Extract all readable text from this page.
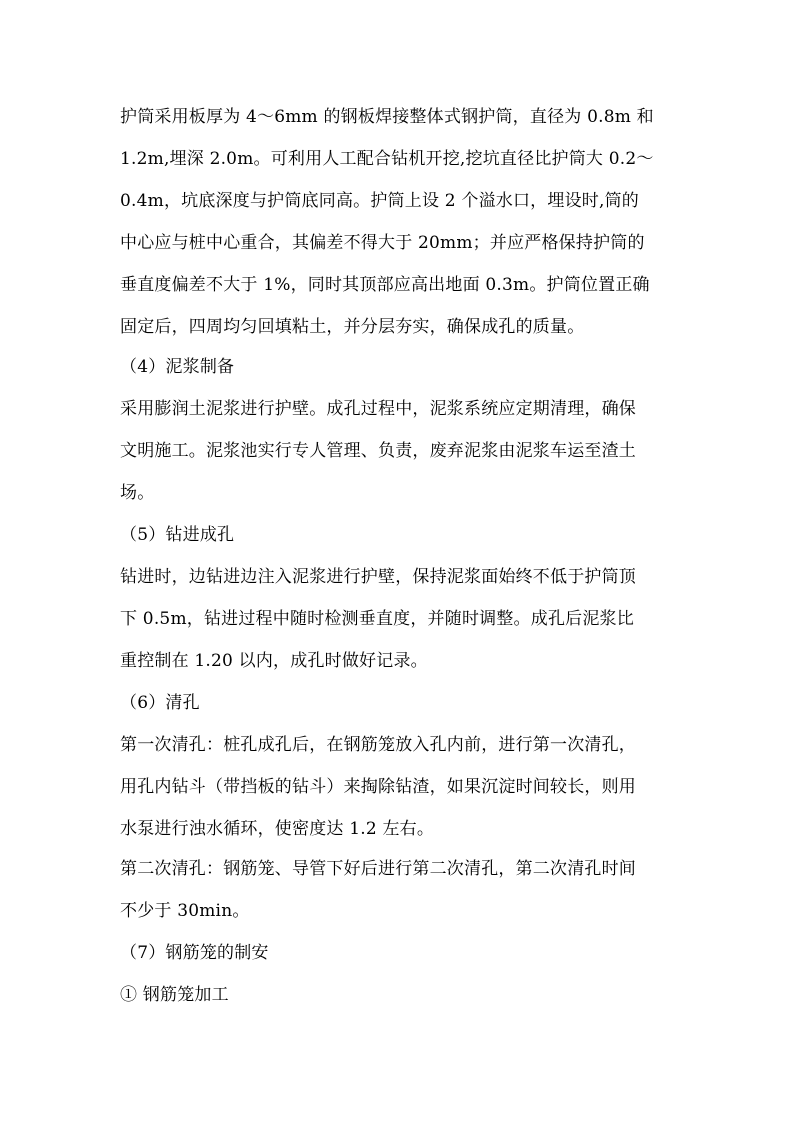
护筒采用板厚为 4～6mm 的钢板焊接整体式钢护筒，直径为 0.8m 和
1.2m,埋深 2.0m。可利用人工配合钻机开挖,挖坑直径比护筒大 0.2～
0.4m，坑底深度与护筒底同高。护筒上设 2 个溢水口，埋设时,筒的
中心应与桩中心重合，其偏差不得大于 20mm；并应严格保持护筒的
垂直度偏差不大于 1%，同时其顶部应高出地面 0.3m。护筒位置正确
固定后，四周均匀回填粘土，并分层夯实，确保成孔的质量。
（4）泥浆制备
采用膨润土泥浆进行护壁。成孔过程中，泥浆系统应定期清理，确保
文明施工。泥浆池实行专人管理、负责，废弃泥浆由泥浆车运至渣土
场。
（5）钻进成孔
钻进时，边钻进边注入泥浆进行护壁，保持泥浆面始终不低于护筒顶
下 0.5m，钻进过程中随时检测垂直度，并随时调整。成孔后泥浆比
重控制在 1.20 以内，成孔时做好记录。
（6）清孔
第一次清孔：桩孔成孔后，在钢筋笼放入孔内前，进行第一次清孔，
用孔内钻斗（带挡板的钻斗）来掏除钻渣，如果沉淀时间较长，则用
水泵进行浊水循环，使密度达 1.2 左右。
第二次清孔：钢筋笼、导管下好后进行第二次清孔，第二次清孔时间
不少于 30min。
（7）钢筋笼的制安
① 钢筋笼加工
